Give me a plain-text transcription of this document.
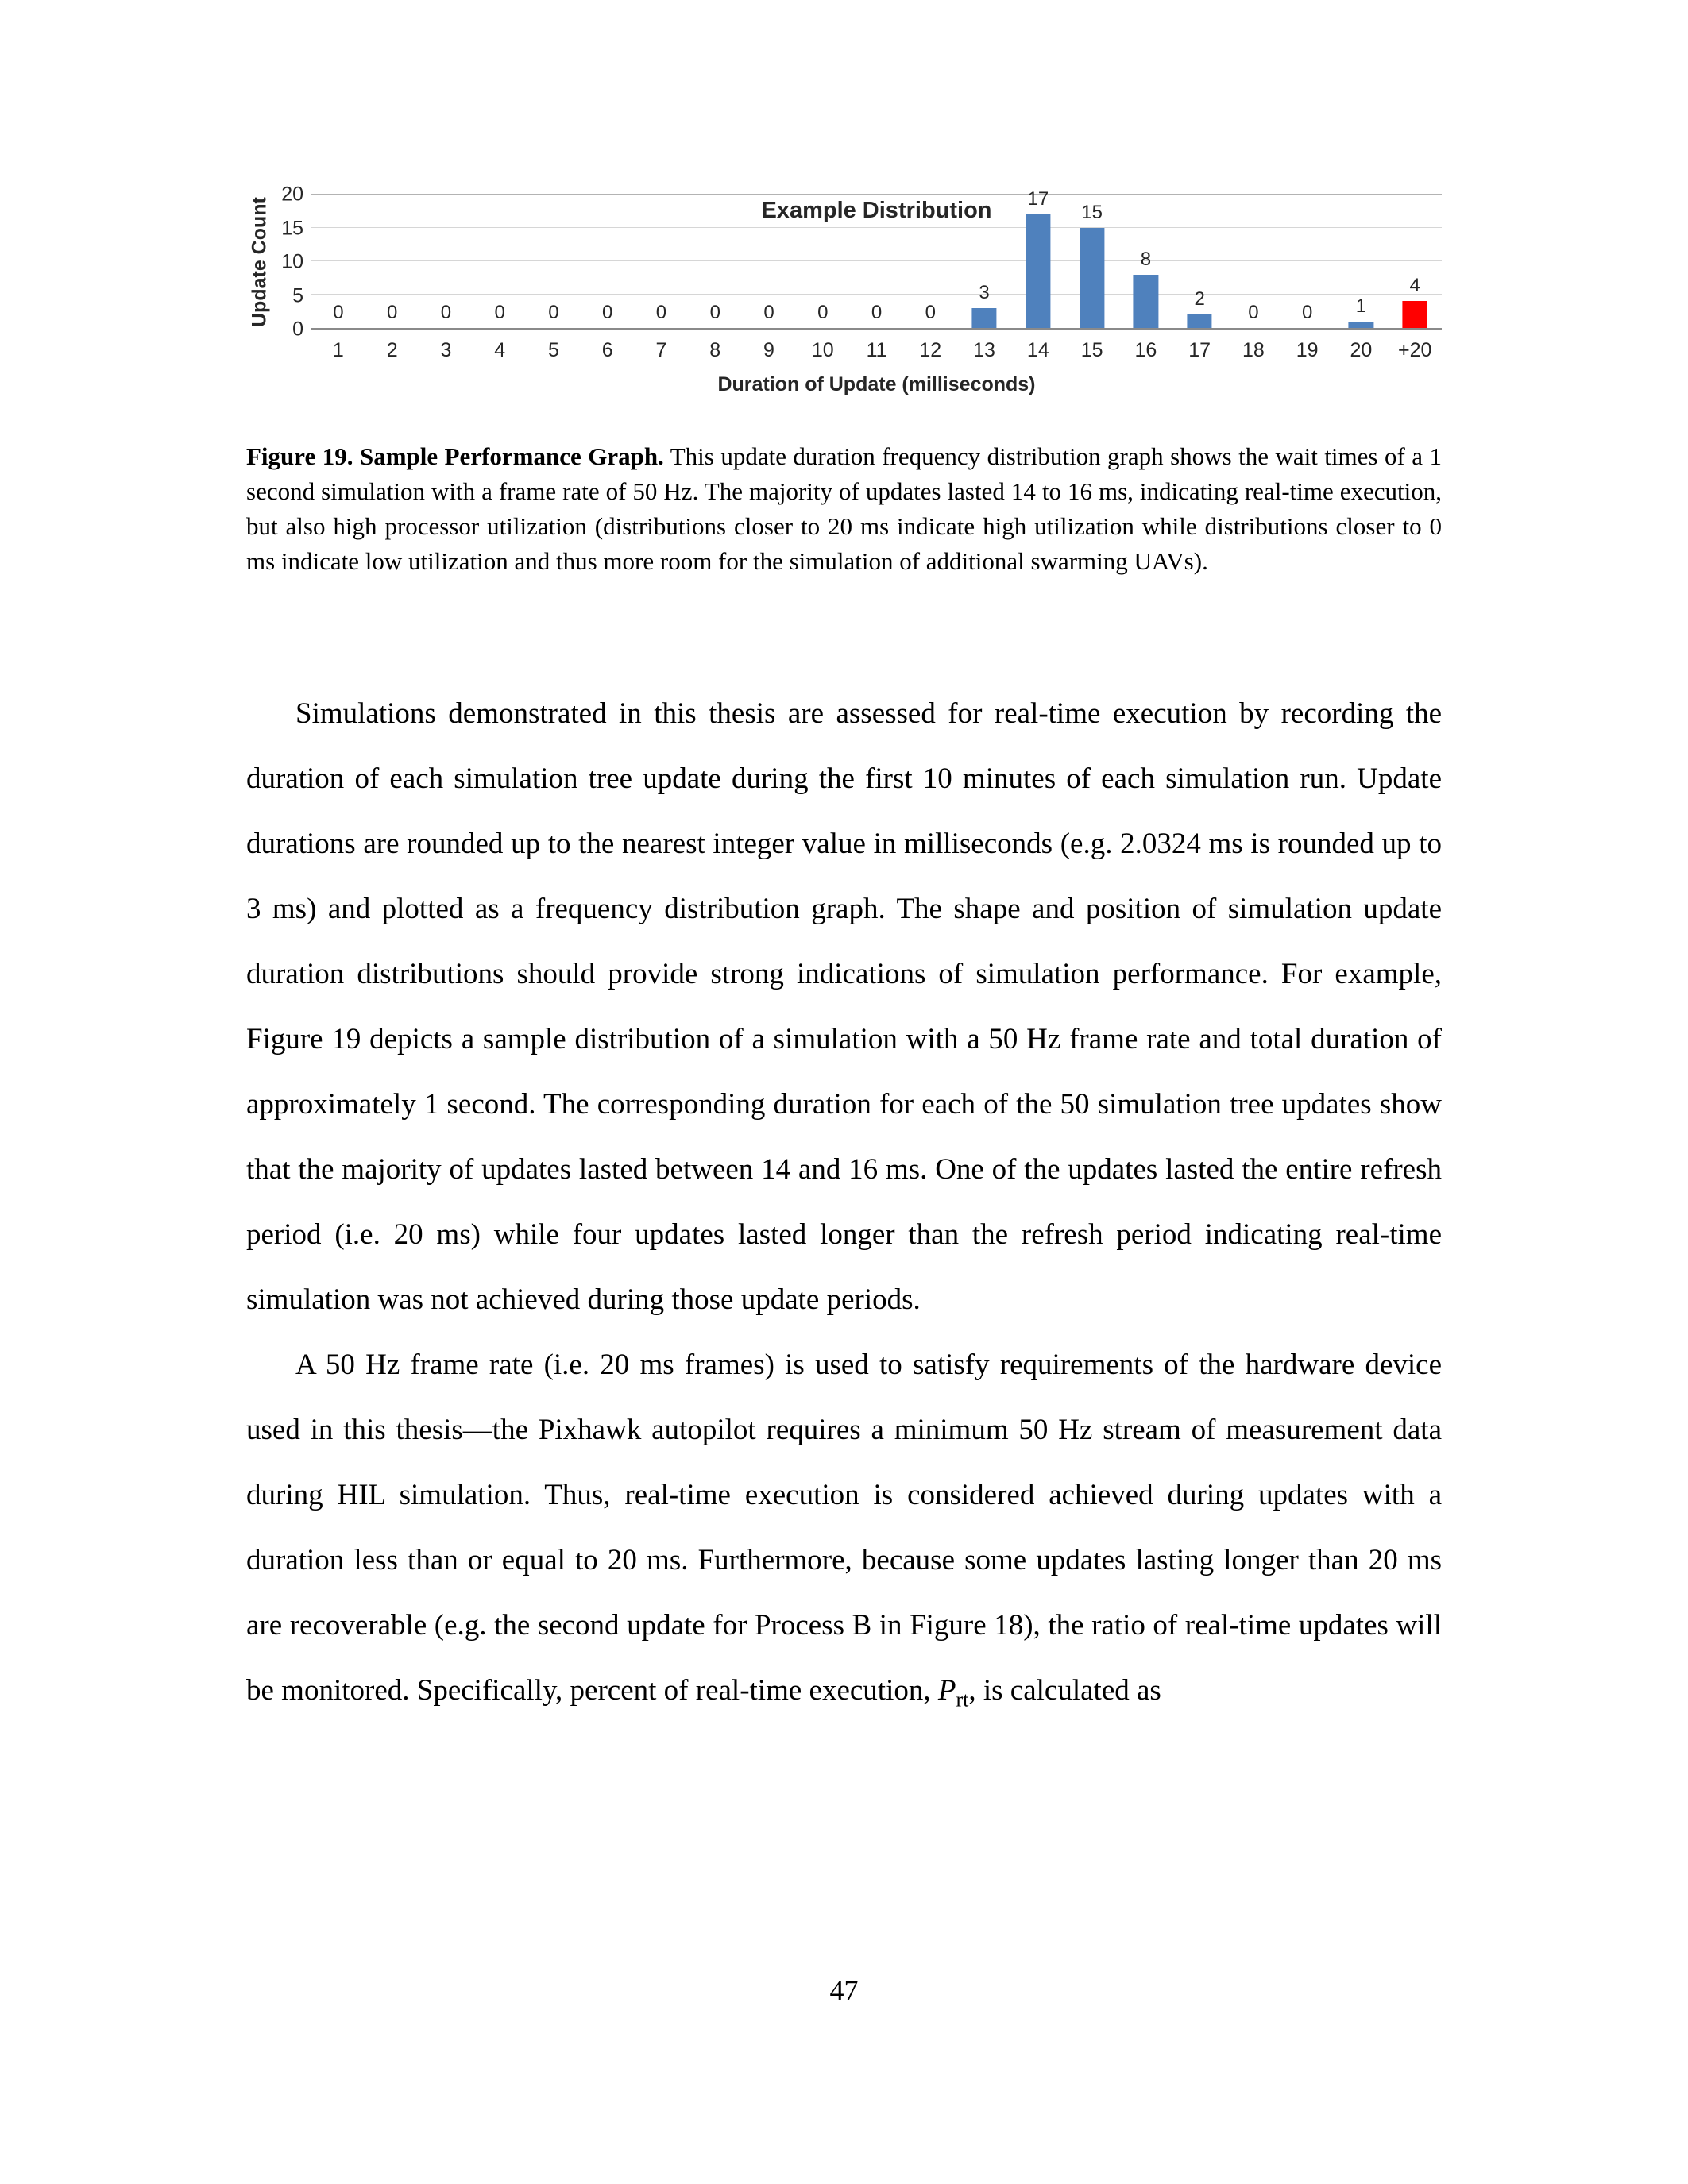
Update Count
0
5
10
15
20
Example Distribution
0	0	0	0	0	0	0	0	0	0	0	0
3
17
15
8
2
0	0	1
4
1	2	3	4	5	6	7	8	9	10	11	12	13	14	15	16	17	18	19	20	+20
Duration of Update (milliseconds)

Figure 19. Sample Performance Graph. This update duration frequency distribution graph shows the wait times of a 1 second simulation with a frame rate of 50 Hz. The majority of updates lasted 14 to 16 ms, indicating real-time execution, but also high processor utilization (distributions closer to 20 ms indicate high utilization while distributions closer to 0 ms indicate low utilization and thus more room for the simulation of additional swarming UAVs).

Simulations demonstrated in this thesis are assessed for real-time execution by recording the duration of each simulation tree update during the first 10 minutes of each simulation run. Update durations are rounded up to the nearest integer value in milliseconds (e.g. 2.0324 ms is rounded up to 3 ms) and plotted as a frequency distribution graph. The shape and position of simulation update duration distributions should provide strong indications of simulation performance. For example, Figure 19 depicts a sample distribution of a simulation with a 50 Hz frame rate and total duration of approximately 1 second. The corresponding duration for each of the 50 simulation tree updates show that the majority of updates lasted between 14 and 16 ms. One of the updates lasted the entire refresh period (i.e. 20 ms) while four updates lasted longer than the refresh period indicating real-time simulation was not achieved during those update periods.

A 50 Hz frame rate (i.e. 20 ms frames) is used to satisfy requirements of the hardware device used in this thesis—the Pixhawk autopilot requires a minimum 50 Hz stream of measurement data during HIL simulation. Thus, real-time execution is considered achieved during updates with a duration less than or equal to 20 ms. Furthermore, because some updates lasting longer than 20 ms are recoverable (e.g. the second update for Process B in Figure 18), the ratio of real-time updates will be monitored. Specifically, percent of real-time execution, $P_{rt}$, is calculated as

47
